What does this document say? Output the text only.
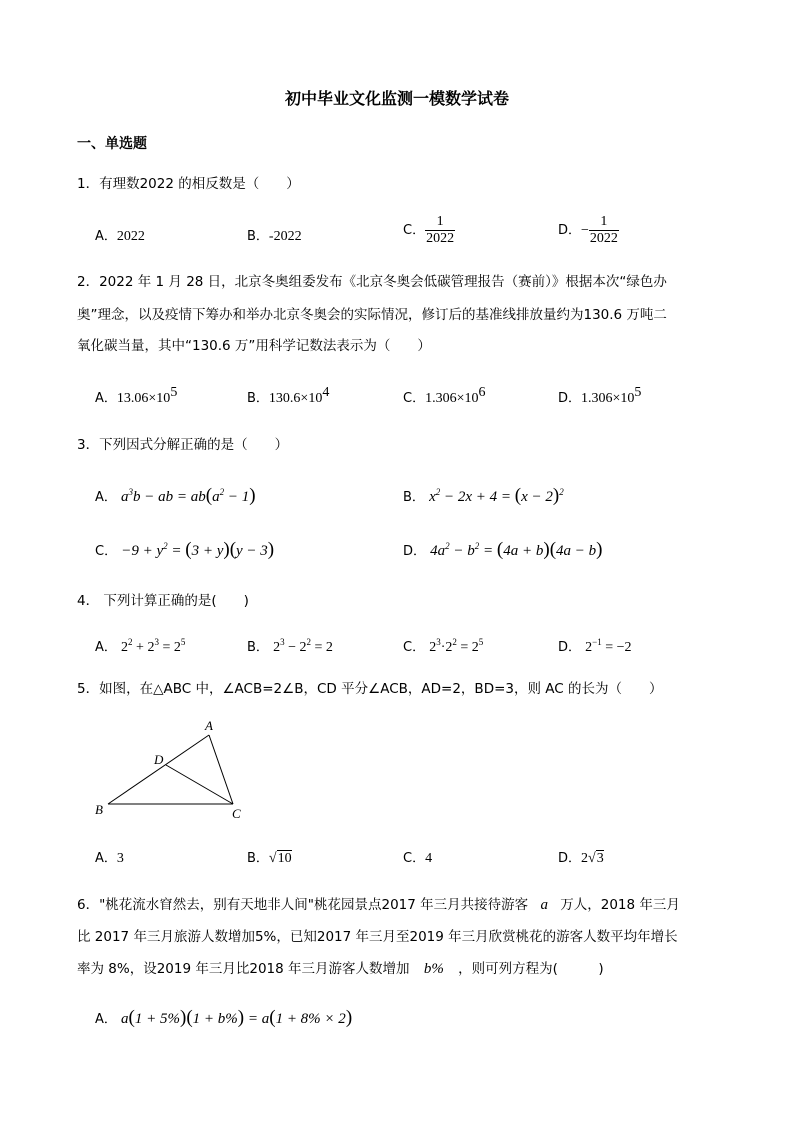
初中毕业文化监测一模数学试卷
一、单选题
1．有理数2022 的相反数是（　　）
A．2022	B．-2022	C． $\frac{1}{2022}$	D．− $\frac{1}{2022}$
2．2022 年 1 月 28 日，北京冬奥组委发布《北京冬奥会低碳管理报告（赛前）》根据本次“绿色办
奥”理念，以及疫情下筹办和举办北京冬奥会的实际情况，修订后的基准线排放量约为130.6 万吨二
氧化碳当量，其中“130.6 万”用科学记数法表示为（　　）
A．$13.06\times 10^5$	B．$130.6\times 10^4$	C．$1.306\times 10^6$	D．$1.306\times 10^5$
3．下列因式分解正确的是（　　）
A． $a^3b$ − ab = $ab(a^2 - 1)$	B． $x^2 - 2x + 4 = (x - 2)^2$
C． $-9 + y^2 = (3 + y)(y - 3)$	D． $4a^2 - b^2 = (4a + b)(4a - b)$
4． 下列计算正确的是(　　)
A． $2^2 + 2^3 = 2^5$	B． $2^3 - 2^2 = 2$	C． $2^3\cdot 2^2 = 2^5$	D． $2^{-1} = -2$
5．如图，在△ABC 中，∠ACB=2∠B，CD 平分∠ACB，AD=2，BD=3，则 AC 的长为（　　）
A
B	C
D
A．3	B．√10	C．4	D．2√3
6．"桃花流水窅然去，别有天地非人间"桃花园景点2017 年三月共接待游客 a 万人，2018 年三月
比 2017 年三月旅游人数增加5%，已知2017 年三月至2019 年三月欣赏桃花的游客人数平均年增长
率为 8%，设2019 年三月比2018 年三月游客人数增加 b% ，则可列方程为(　　　)
A． a(1 + 5%)(1 + b%) = a(1 + 8% × 2)
